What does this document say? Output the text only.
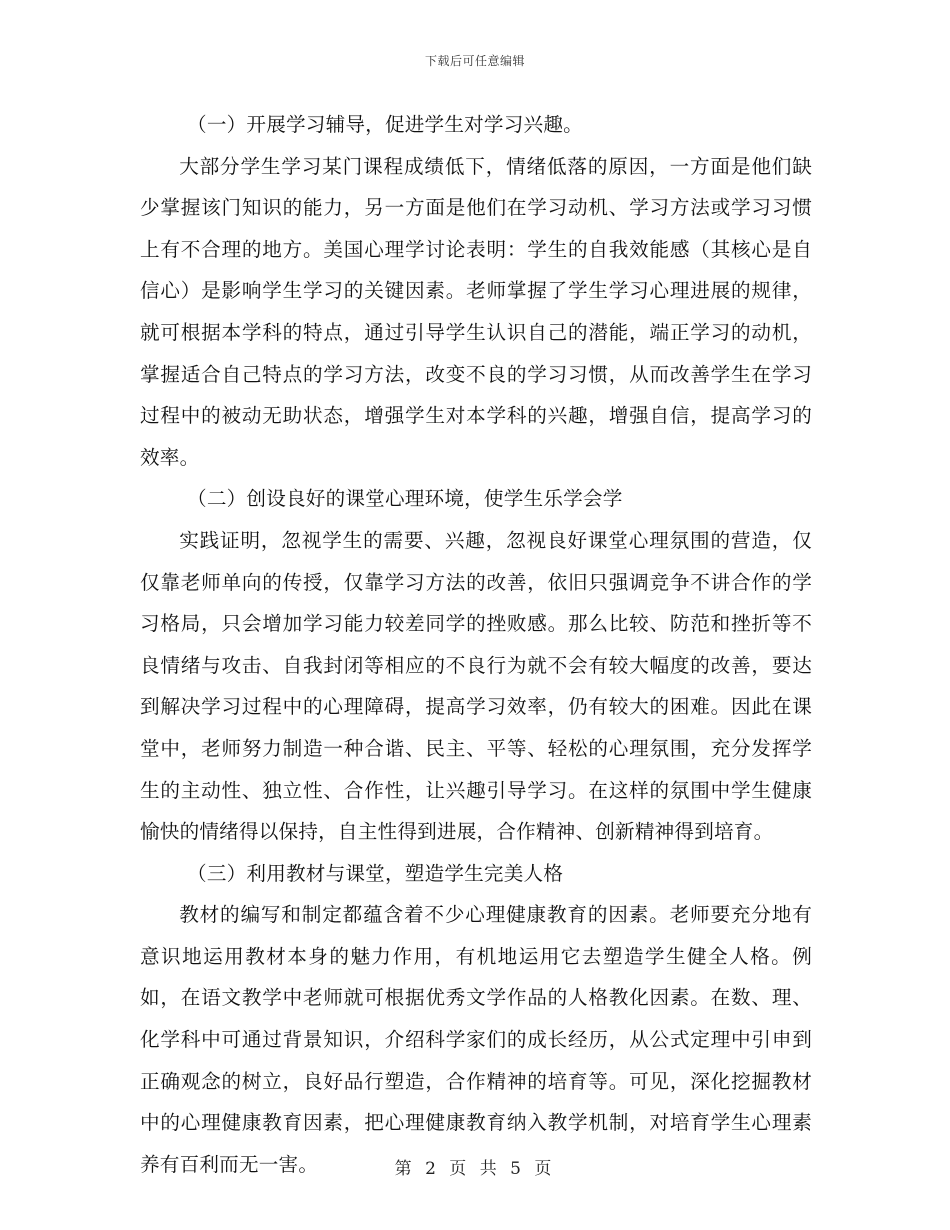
下载后可任意编辑

（一）开展学习辅导，促进学生对学习兴趣。

大部分学生学习某门课程成绩低下，情绪低落的原因，一方面是他们缺少掌握该门知识的能力，另一方面是他们在学习动机、学习方法或学习习惯上有不合理的地方。美国心理学讨论表明：学生的自我效能感（其核心是自信心）是影响学生学习的关键因素。老师掌握了学生学习心理进展的规律，就可根据本学科的特点，通过引导学生认识自己的潜能，端正学习的动机，掌握适合自己特点的学习方法，改变不良的学习习惯，从而改善学生在学习过程中的被动无助状态，增强学生对本学科的兴趣，增强自信，提高学习的效率。

（二）创设良好的课堂心理环境，使学生乐学会学

实践证明，忽视学生的需要、兴趣，忽视良好课堂心理氛围的营造，仅仅靠老师单向的传授，仅靠学习方法的改善，依旧只强调竞争不讲合作的学习格局，只会增加学习能力较差同学的挫败感。那么比较、防范和挫折等不良情绪与攻击、自我封闭等相应的不良行为就不会有较大幅度的改善，要达到解决学习过程中的心理障碍，提高学习效率，仍有较大的困难。因此在课堂中，老师努力制造一种合谐、民主、平等、轻松的心理氛围，充分发挥学生的主动性、独立性、合作性，让兴趣引导学习。在这样的氛围中学生健康愉快的情绪得以保持，自主性得到进展，合作精神、创新精神得到培育。

（三）利用教材与课堂，塑造学生完美人格

教材的编写和制定都蕴含着不少心理健康教育的因素。老师要充分地有意识地运用教材本身的魅力作用，有机地运用它去塑造学生健全人格。例如，在语文教学中老师就可根据优秀文学作品的人格教化因素。在数、理、化学科中可通过背景知识，介绍科学家们的成长经历，从公式定理中引申到正确观念的树立，良好品行塑造，合作精神的培育等。可见，深化挖掘教材中的心理健康教育因素，把心理健康教育纳入教学机制，对培育学生心理素养有百利而无一害。	第 2 页 共 5 页
